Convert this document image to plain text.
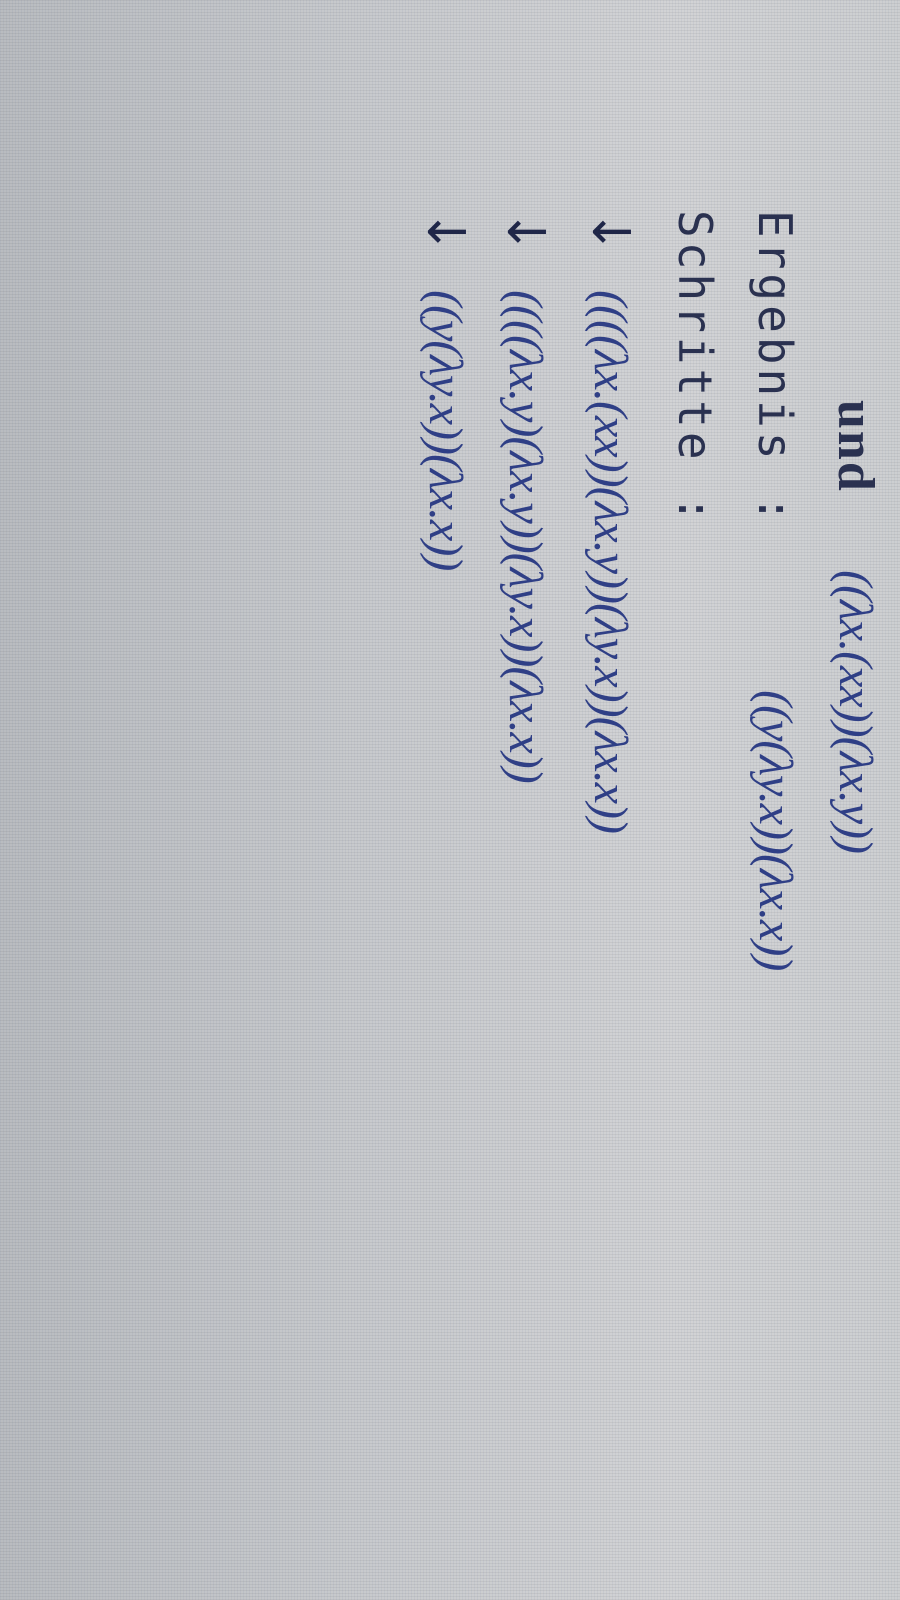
und
((λx.(xx))(λx.y))
Ergebnis :
((y(λy.x))(λx.x))
Schritte :
↓
((((λx.(xx))(λx.y))(λy.x))(λx.x))
↓
((((λx.y)(λx.y))(λy.x))(λx.x))
↓
((y(λy.x))(λx.x))
